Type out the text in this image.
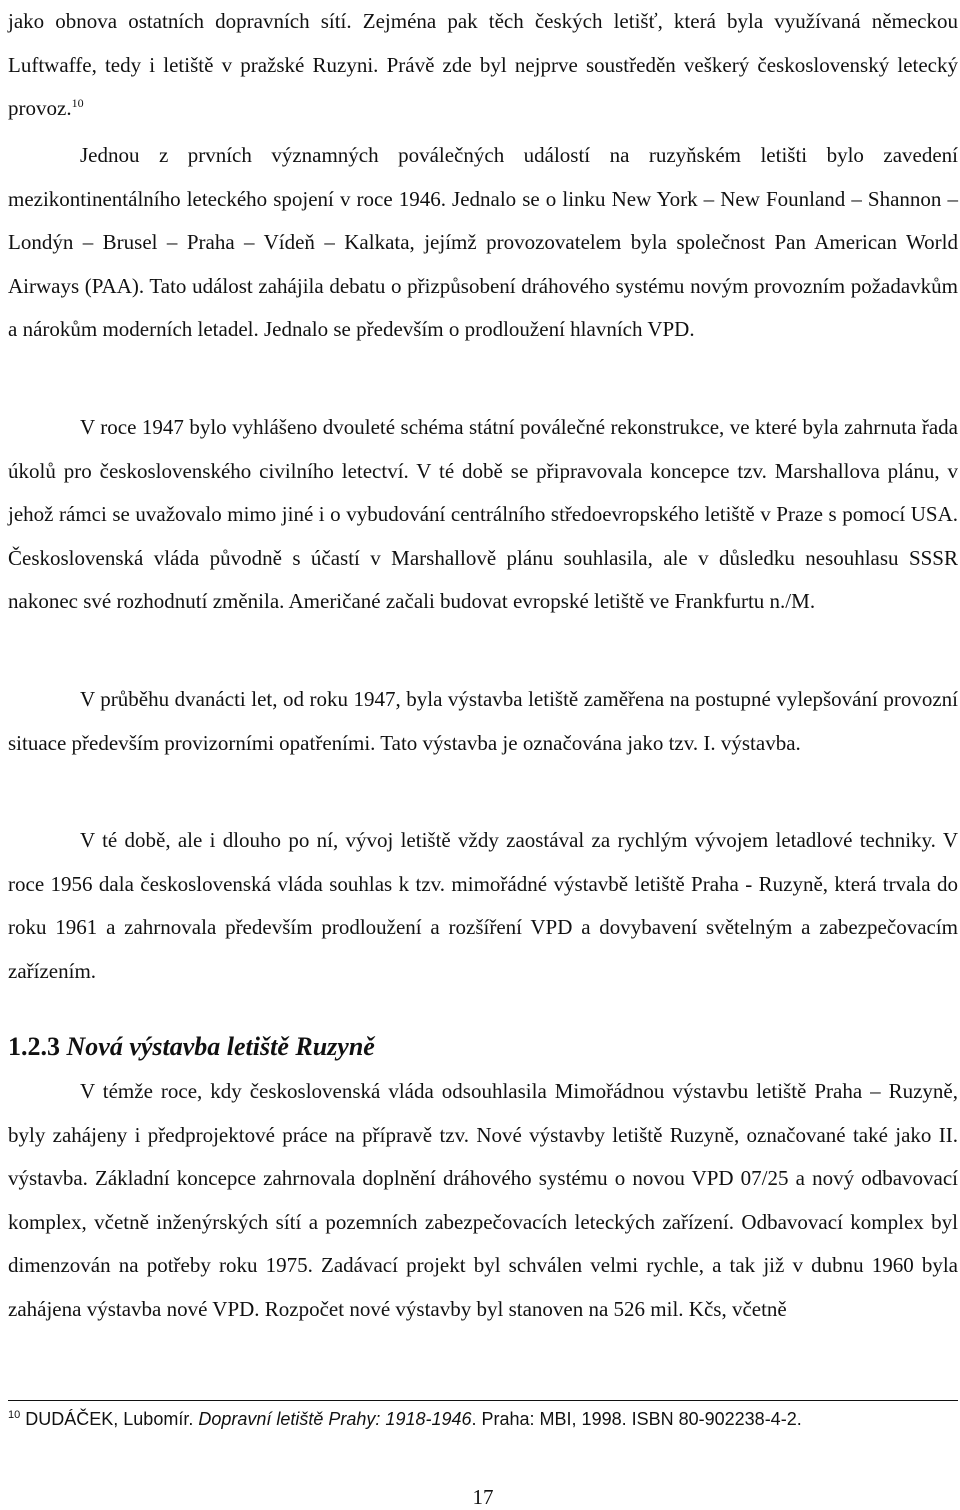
jako obnova ostatních dopravních sítí. Zejména pak těch českých letišť, která byla využívaná německou Luftwaffe, tedy i letiště v pražské Ruzyni. Právě zde byl nejprve soustředěn veškerý československý letecký provoz.$^{10}$

Jednou z prvních významných poválečných událostí na ruzyňském letišti bylo zavedení mezikontinentálního leteckého spojení v roce 1946. Jednalo se o linku New York – New Founland – Shannon – Londýn – Brusel – Praha – Vídeň – Kalkata, jejímž provozovatelem byla společnost Pan American World Airways (PAA). Tato událost zahájila debatu o přizpůsobení dráhového systému novým provozním požadavkům a nárokům moderních letadel. Jednalo se především o prodloužení hlavních VPD.

V roce 1947 bylo vyhlášeno dvouleté schéma státní poválečné rekonstrukce, ve které byla zahrnuta řada úkolů pro československého civilního letectví. V té době se připravovala koncepce tzv. Marshallova plánu, v jehož rámci se uvažovalo mimo jiné i o vybudování centrálního středoevropského letiště v Praze s pomocí USA. Československá vláda původně s účastí v Marshallově plánu souhlasila, ale v důsledku nesouhlasu SSSR nakonec své rozhodnutí změnila. Američané začali budovat evropské letiště ve Frankfurtu n./M.

V průběhu dvanácti let, od roku 1947, byla výstavba letiště zaměřena na postupné vylepšování provozní situace především provizorními opatřeními. Tato výstavba je označována jako tzv. I. výstavba.

V té době, ale i dlouho po ní, vývoj letiště vždy zaostával za rychlým vývojem letadlové techniky. V roce 1956 dala československá vláda souhlas k tzv. mimořádné výstavbě letiště Praha - Ruzyně, která trvala do roku 1961 a zahrnovala především prodloužení a rozšíření VPD a dovybavení světelným a zabezpečovacím zařízením.

1.2.3 Nová výstavba letiště Ruzyně

V témže roce, kdy československá vláda odsouhlasila Mimořádnou výstavbu letiště Praha – Ruzyně, byly zahájeny i předprojektové práce na přípravě tzv. Nové výstavby letiště Ruzyně, označované také jako II. výstavba. Základní koncepce zahrnovala doplnění dráhového systému o novou VPD 07/25 a nový odbavovací komplex, včetně inženýrských sítí a pozemních zabezpečovacích leteckých zařízení. Odbavovací komplex byl dimenzován na potřeby roku 1975. Zadávací projekt byl schválen velmi rychle, a tak již v dubnu 1960 byla zahájena výstavba nové VPD. Rozpočet nové výstavby byl stanoven na 526 mil. Kčs, včetně

$^{10}$ DUDÁČEK, Lubomír. Dopravní letiště Prahy: 1918-1946. Praha: MBI, 1998. ISBN 80-902238-4-2.

17
